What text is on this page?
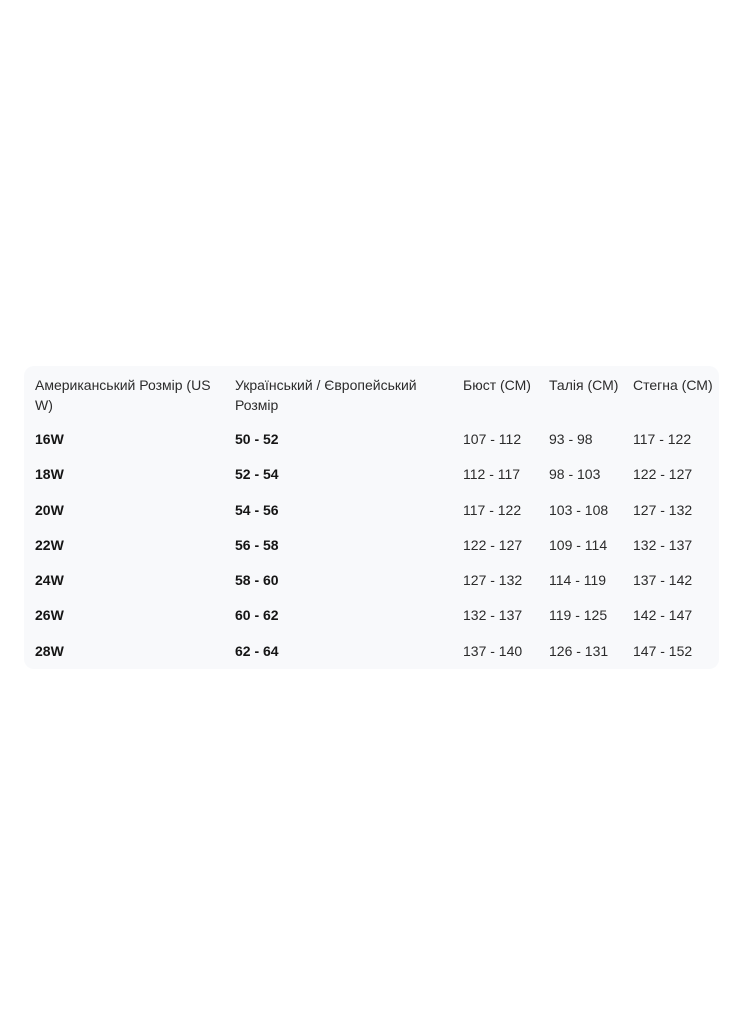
Американський Розмір (US W)	Український / Європейський Розмір	Бюст (СМ)	Талія (СМ)	Стегна (СМ)
16W	50 - 52	107 - 112	93 - 98	117 - 122
18W	52 - 54	112 - 117	98 - 103	122 - 127
20W	54 - 56	117 - 122	103 - 108	127 - 132
22W	56 - 58	122 - 127	109 - 114	132 - 137
24W	58 - 60	127 - 132	114 - 119	137 - 142
26W	60 - 62	132 - 137	119 - 125	142 - 147
28W	62 - 64	137 - 140	126 - 131	147 - 152
